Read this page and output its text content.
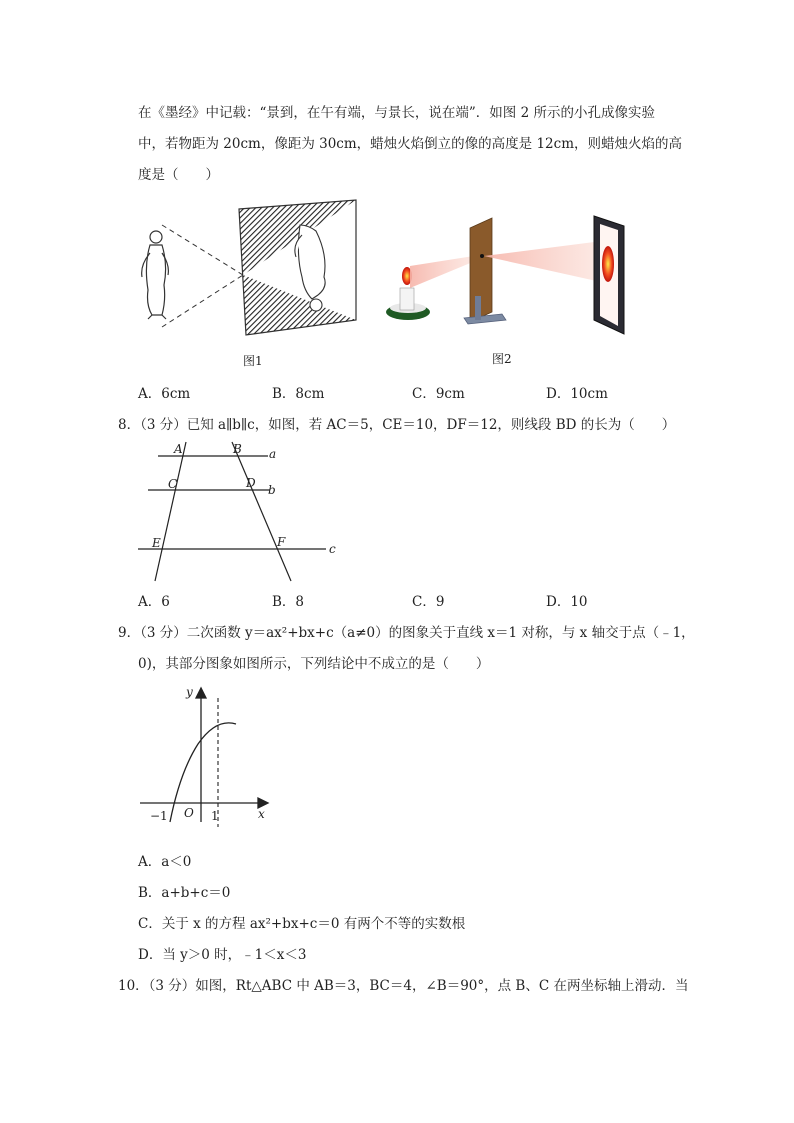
在《墨经》中记载：“景到，在午有端，与景长，说在端”．如图 2 所示的小孔成像实验
中，若物距为 20cm，像距为 30cm，蜡烛火焰倒立的像的高度是 12cm，则蜡烛火焰的高
度是（　　）
图1	图2
A．6cm	B．8cm	C．9cm	D．10cm
8．（3 分）已知 a∥b∥c，如图，若 AC＝5，CE＝10，DF＝12，则线段 BD 的长为（　　）
A	B a
C	D b
E	F	c
A．6	B．8	C．9	D．10
9．（3 分）二次函数 y＝ax²+bx+c（a≠0）的图象关于直线 x＝1 对称，与 x 轴交于点（﹣1，
0)，其部分图象如图所示，下列结论中不成立的是（　　）
y
x
O
−1	1
A．a＜0
B．a+b+c＝0
C．关于 x 的方程 ax²+bx+c＝0 有两个不等的实数根
D．当 y＞0 时，﹣1＜x＜3
10．（3 分）如图，Rt△ABC 中 AB＝3，BC＝4，∠B＝90°，点 B、C 在两坐标轴上滑动．当
